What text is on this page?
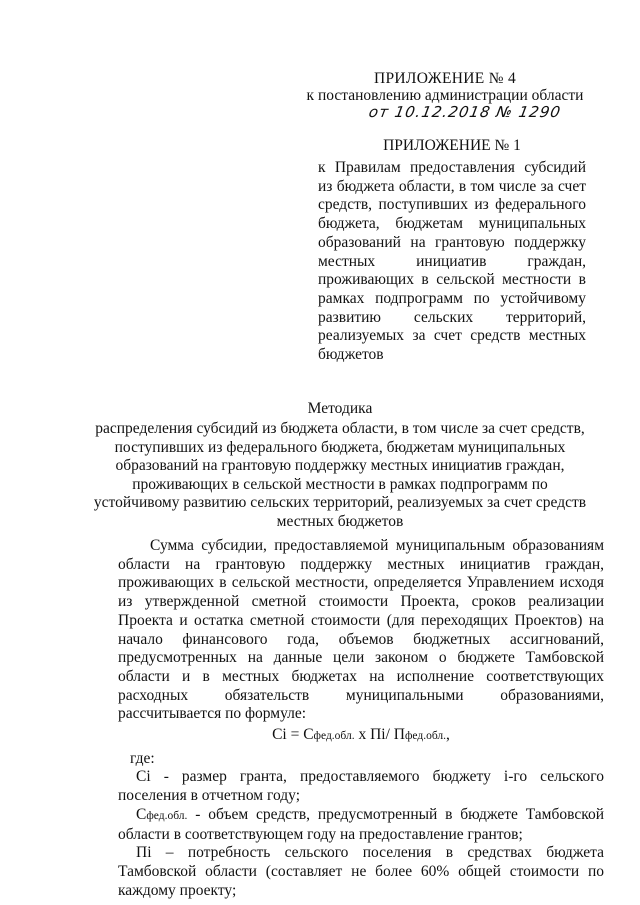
ПРИЛОЖЕНИЕ № 4
к постановлению администрации области
от 10.12.2018 № 1290
ПРИЛОЖЕНИЕ № 1

к Правилам предоставления субсидий из бюджета области, в том числе за счет средств, поступивших из федерального бюджета, бюджетам муниципальных образований на грантовую поддержку местных инициатив граждан, проживающих в сельской местности в рамках подпрограмм по устойчивому развитию сельских территорий, реализуемых за счет средств местных бюджетов

Методика

распределения субсидий из бюджета области, в том числе за счет средств, поступивших из федерального бюджета, бюджетам муниципальных образований на грантовую поддержку местных инициатив граждан, проживающих в сельской местности в рамках подпрограмм по устойчивому развитию сельских территорий, реализуемых за счет средств местных бюджетов

Сумма субсидии, предоставляемой муниципальным образованиям области на грантовую поддержку местных инициатив граждан, проживающих в сельской местности, определяется Управлением исходя из утвержденной сметной стоимости Проекта, сроков реализации Проекта и остатка сметной стоимости (для переходящих Проектов) на начало финансового года, объемов бюджетных ассигнований, предусмотренных на данные цели законом о бюджете Тамбовской области и в местных бюджетах на исполнение соответствующих расходных обязательств муниципальными образованиями, рассчитывается по формуле:

Сi = Сфед.обл. х Пi/ Пфед.обл.,

где:

Сi - размер гранта, предоставляемого бюджету i-го сельского поселения в отчетном году;

Сфед.обл. - объем средств, предусмотренный в бюджете Тамбовской области в соответствующем году на предоставление грантов;

Пi – потребность сельского поселения в средствах бюджета Тамбовской области (составляет не более 60% общей стоимости по каждому проекту;
